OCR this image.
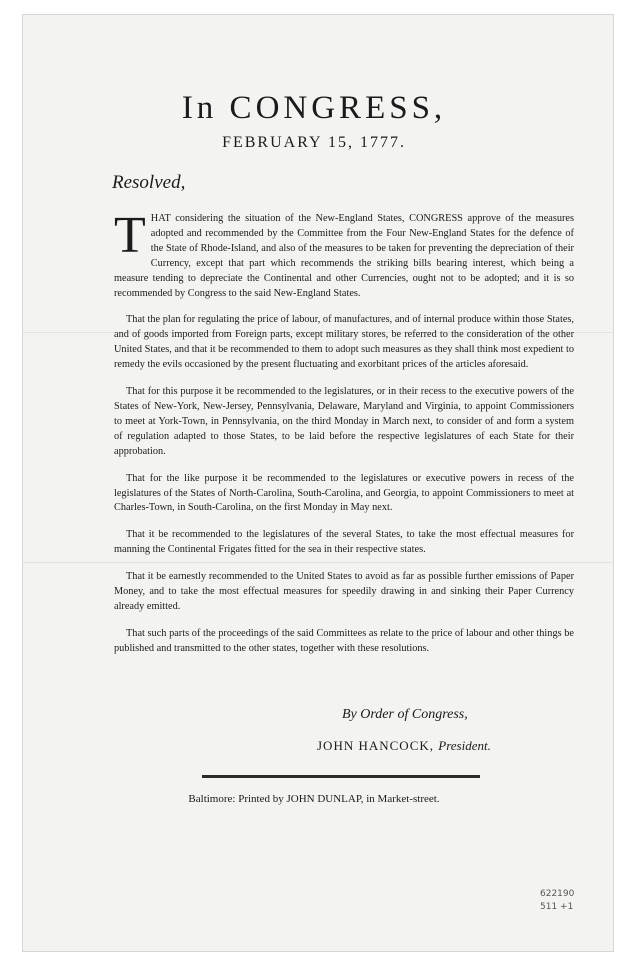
In CONGRESS,
FEBRUARY 15, 1777.
Resolved,

THAT considering the situation of the New-England States, CONGRESS approve of the measures adopted and recommended by the Committee from the Four New-England States for the defence of the State of Rhode-Island, and also of the measures to be taken for preventing the depreciation of their Currency, except that part which recommends the striking bills bearing interest, which being a measure tending to depreciate the Continental and other Currencies, ought not to be adopted; and it is so recommended by Congress to the said New-England States.

That the plan for regulating the price of labour, of manufactures, and of internal produce within those States, and of goods imported from Foreign parts, except military stores, be referred to the consideration of the other United States, and that it be recommended to them to adopt such measures as they shall think most expedient to remedy the evils occasioned by the present fluctuating and exorbitant prices of the articles aforesaid.

That for this purpose it be recommended to the legislatures, or in their recess to the executive powers of the States of New-York, New-Jersey, Pennsylvania, Delaware, Maryland and Virginia, to appoint Commissioners to meet at York-Town, in Pennsylvania, on the third Monday in March next, to consider of and form a system of regulation adapted to those States, to be laid before the respective legislatures of each State for their approbation.

That for the like purpose it be recommended to the legislatures or executive powers in recess of the legislatures of the States of North-Carolina, South-Carolina, and Georgia, to appoint Commissioners to meet at Charles-Town, in South-Carolina, on the first Monday in May next.

That it be recommended to the legislatures of the several States, to take the most effectual measures for manning the Continental Frigates fitted for the sea in their respective states.

That it be earnestly recommended to the United States to avoid as far as possible further emissions of Paper Money, and to take the most effectual measures for speedily drawing in and sinking their Paper Currency already emitted.

That such parts of the proceedings of the said Committees as relate to the price of labour and other things be published and transmitted to the other states, together with these resolutions.

By Order of Congress,
JOHN HANCOCK, President.
Baltimore: Printed by JOHN DUNLAP, in Market-street.
622190
511 +1
